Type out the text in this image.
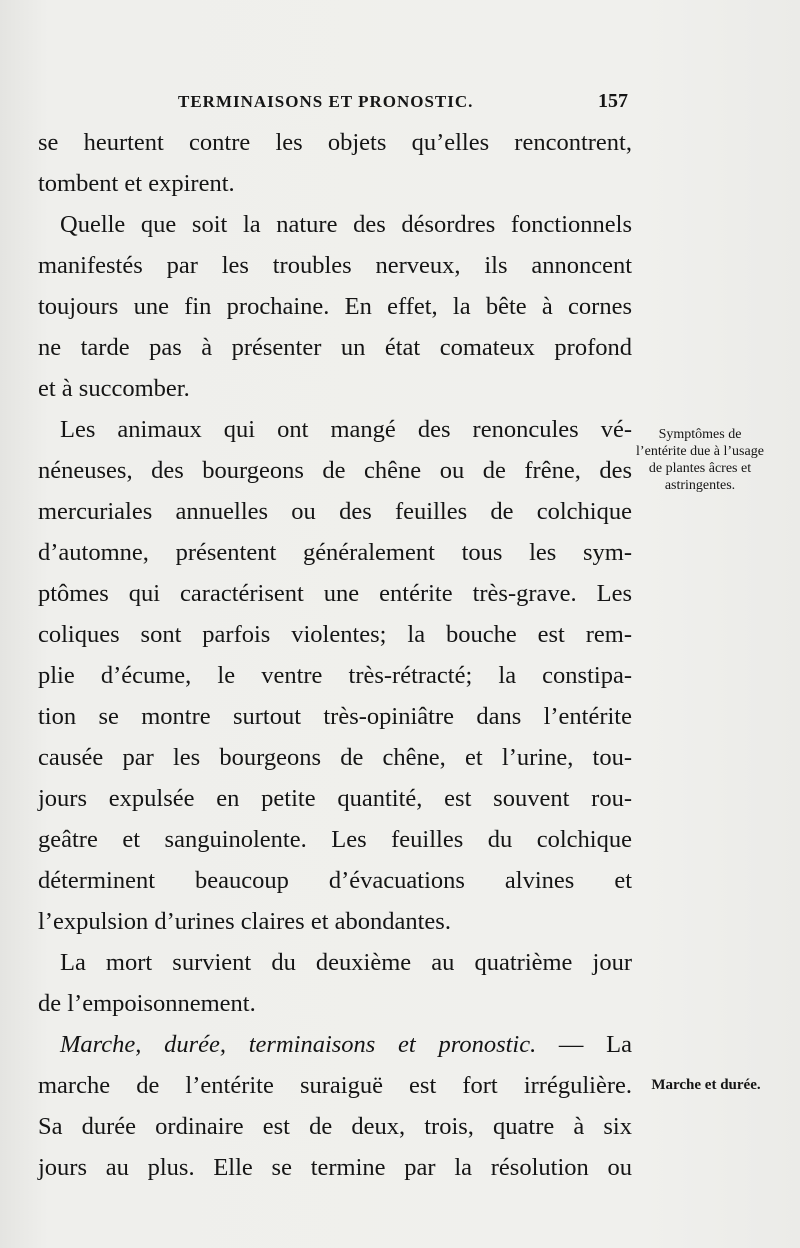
TERMINAISONS ET PRONOSTIC.	157
se heurtent contre les objets qu’elles rencontrent,
tombent et expirent.
Quelle que soit la nature des désordres fonctionnels
manifestés par les troubles nerveux, ils annoncent
toujours une fin prochaine. En effet, la bête à cornes
ne tarde pas à présenter un état comateux profond
et à succomber.
Les animaux qui ont mangé des renoncules vé-
néneuses, des bourgeons de chêne ou de frêne, des
mercuriales annuelles ou des feuilles de colchique
d’automne, présentent généralement tous les sym-
ptômes qui caractérisent une entérite très-grave. Les
coliques sont parfois violentes; la bouche est rem-
plie d’écume, le ventre très-rétracté; la constipa-
tion se montre surtout très-opiniâtre dans l’entérite
causée par les bourgeons de chêne, et l’urine, tou-
jours expulsée en petite quantité, est souvent rou-
geâtre et sanguinolente. Les feuilles du colchique
déterminent beaucoup d’évacuations alvines et
l’expulsion d’urines claires et abondantes.
La mort survient du deuxième au quatrième jour
de l’empoisonnement.
Marche, durée, terminaisons et pronostic. — La
marche de l’entérite suraiguë est fort irrégulière.
Sa durée ordinaire est de deux, trois, quatre à six
jours au plus. Elle se termine par la résolution ou
Symptômes de l’entérite due à l’usage de plantes âcres et astringentes.
Marche et durée.
